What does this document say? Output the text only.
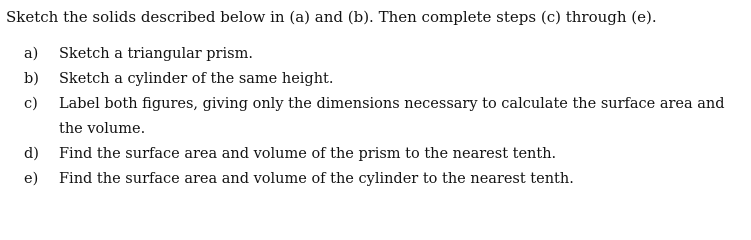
Sketch the solids described below in (a) and (b). Then complete steps (c) through (e).
a) Sketch a triangular prism.
b) Sketch a cylinder of the same height.
c) Label both figures, giving only the dimensions necessary to calculate the surface area and the volume.
d) Find the surface area and volume of the prism to the nearest tenth.
e) Find the surface area and volume of the cylinder to the nearest tenth.
